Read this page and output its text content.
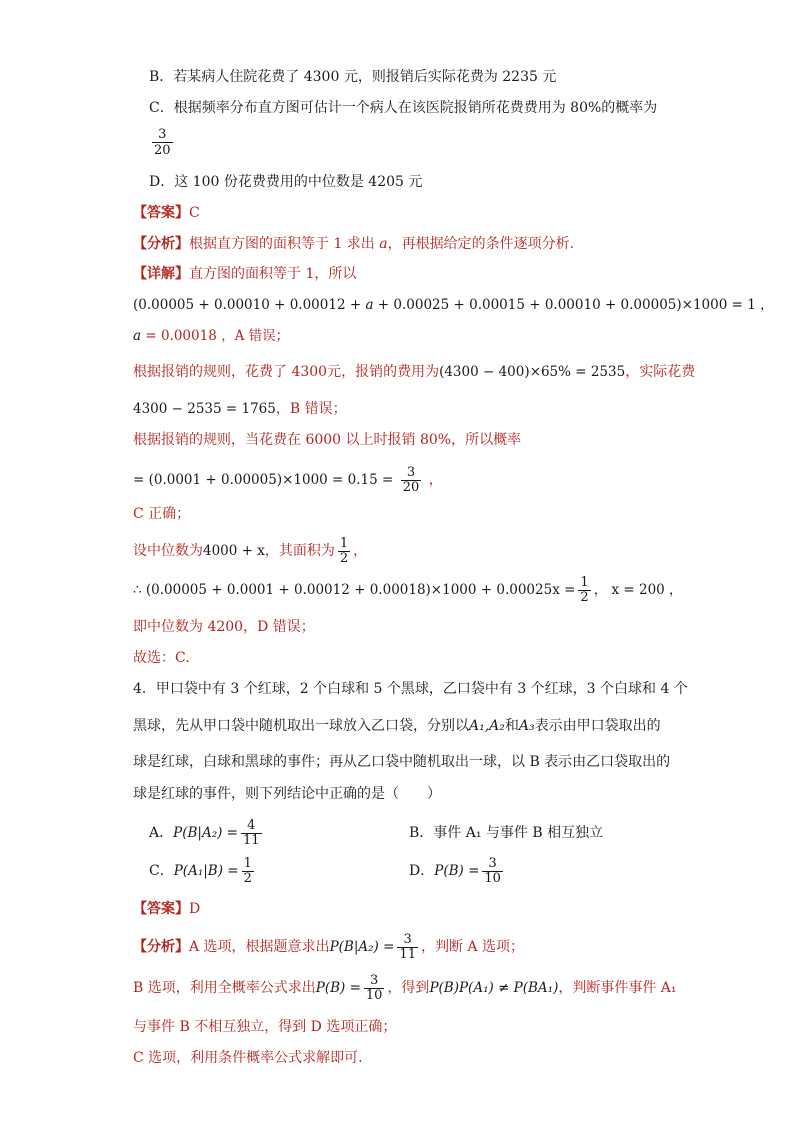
B．若某病人住院花费了 4300 元，则报销后实际花费为 2235 元
C．根据频率分布直方图可估计一个病人在该医院报销所花费费用为 80%的概率为
$\frac{3}{20}$
D．这 100 份花费费用的中位数是 4205 元
【答案】C
【分析】根据直方图的面积等于 1 求出 a，再根据给定的条件逐项分析.
【详解】直方图的面积等于 1，所以
(0.00005 + 0.00010 + 0.00012 + a + 0.00025 + 0.00015 + 0.00010 + 0.00005)×1000 = 1 ，
a = 0.00018 ，A 错误；
根据报销的规则，花费了 4300元，报销的费用为(4300 − 400)×65% = 2535，实际花费
4300 − 2535 = 1765，B 错误；
根据报销的规则，当花费在 6000 以上时报销 80%，所以概率
= $(0.0001 + 0.00005)\times 1000 = 0.15 = \frac{3}{20}$ ，
C 正确；
设中位数为4000 + x，其面积为 $\frac{1}{2}$ ，
∴ $(0.00005 + 0.0001 + 0.00012 + 0.00018)\times 1000 + 0.00025x = \frac{1}{2}$ ， x = 200 ，
即中位数为 4200，D 错误；
故选：C.
4．甲口袋中有 3 个红球，2 个白球和 5 个黑球，乙口袋中有 3 个红球，3 个白球和 4 个
黑球，先从甲口袋中随机取出一球放入乙口袋，分别以A₁,A₂和A₃表示由甲口袋取出的
球是红球，白球和黑球的事件；再从乙口袋中随机取出一球，以 B 表示由乙口袋取出的
球是红球的事件，则下列结论中正确的是（　　）
A．$P(B|A_2) = \frac{4}{11}$	B．事件 A₁ 与事件 B 相互独立
C．$P(A_1|B) = \frac{1}{2}$	D．$P(B) = \frac{3}{10}$
【答案】D
【分析】A 选项，根据题意求出$P(B|A_2) = \frac{3}{11}$ ，判断 A 选项；
B 选项，利用全概率公式求出$P(B) = \frac{3}{10}$ ，得到P(B)P(A₁) ≠ P(BA₁)，判断事件事件 A₁
与事件 B 不相互独立，得到 D 选项正确；
C 选项，利用条件概率公式求解即可.
